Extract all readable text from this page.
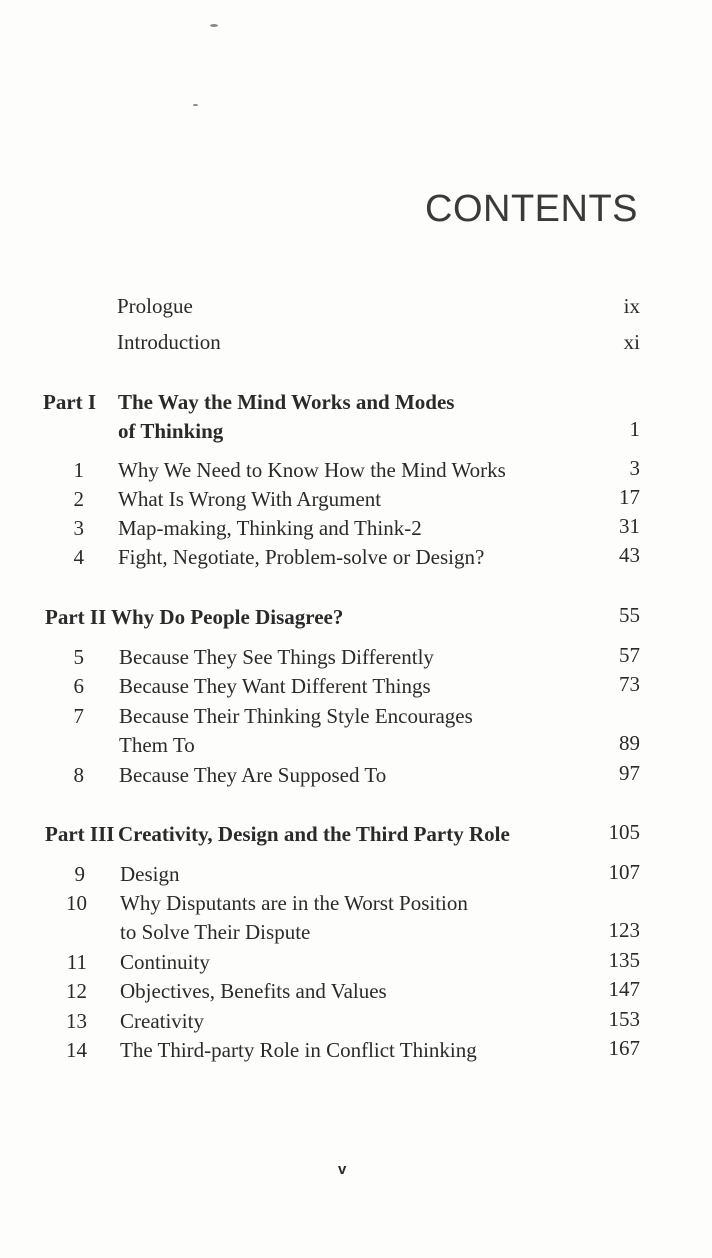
CONTENTS
Prologue	ix
Introduction	xi
Part I The Way the Mind Works and Modes
of Thinking	1
1 Why We Need to Know How the Mind Works	3
2 What Is Wrong With Argument	17
3 Map-making, Thinking and Think-2	31
4 Fight, Negotiate, Problem-solve or Design?	43
Part II Why Do People Disagree?	55
5 Because They See Things Differently	57
6 Because They Want Different Things	73
7 Because Their Thinking Style Encourages
Them To	89
8 Because They Are Supposed To	97
Part III Creativity, Design and the Third Party Role	105
9 Design	107
10 Why Disputants are in the Worst Position
to Solve Their Dispute	123
11 Continuity	135
12 Objectives, Benefits and Values	147
13 Creativity	153
14 The Third-party Role in Conflict Thinking	167
v
